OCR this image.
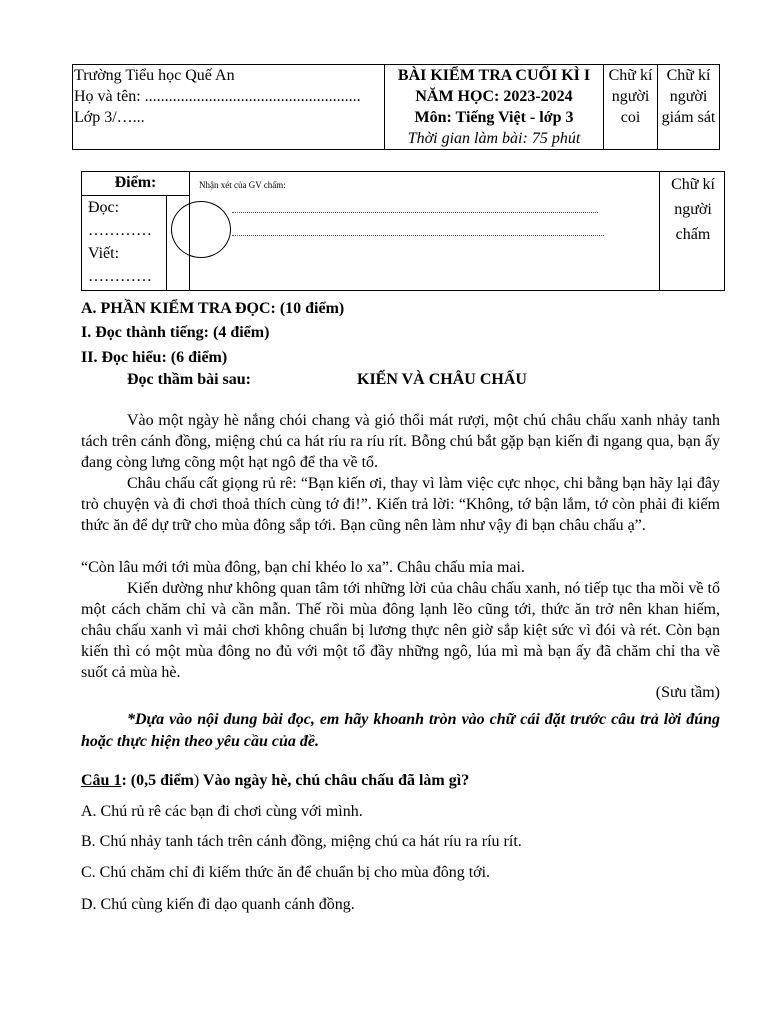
Trường Tiểu học Quế An
Họ và tên: ......................................................
Lớp 3/…...

BÀI KIỂM TRA CUỐI KÌ I
NĂM HỌC: 2023-2024
Môn: Tiếng Việt - lớp 3
Thời gian làm bài: 75 phút

Chữ kí
người
coi

Chữ kí
người
giám sát
Điểm:
Đọc:
…………
Viết:
…………
Nhận xét của GV chấm:	Chữ kí
người
chấm
A. PHẦN KIỂM TRA ĐỌC: (10 điểm)
I. Đọc thành tiếng: (4 điểm)
II. Đọc hiểu: (6 điểm)
Đọc thầm bài sau:	KIẾN VÀ CHÂU CHẤU
Vào một ngày hè nắng chói chang và gió thổi mát rượi, một chú châu chấu xanh nhảy tanh tách trên cánh đồng, miệng chú ca hát ríu ra ríu rít. Bỗng chú bắt gặp bạn kiến đi ngang qua, bạn ấy đang còng lưng cõng một hạt ngô để tha về tổ.
Châu chấu cất giọng rủ rê: “Bạn kiến ơi, thay vì làm việc cực nhọc, chi bằng bạn hãy lại đây trò chuyện và đi chơi thoả thích cùng tớ đi!”. Kiến trả lời: “Không, tớ bận lắm, tớ còn phải đi kiếm thức ăn để dự trữ cho mùa đông sắp tới. Bạn cũng nên làm như vậy đi bạn châu chấu ạ”.
“Còn lâu mới tới mùa đông, bạn chỉ khéo lo xa”. Châu chấu mỉa mai.
Kiến dường như không quan tâm tới những lời của châu chấu xanh, nó tiếp tục tha mồi về tổ một cách chăm chỉ và cần mẫn. Thế rồi mùa đông lạnh lẽo cũng tới, thức ăn trở nên khan hiếm, châu chấu xanh vì mải chơi không chuẩn bị lương thực nên giờ sắp kiệt sức vì đói và rét. Còn bạn kiến thì có một mùa đông no đủ với một tổ đầy những ngô, lúa mì mà bạn ấy đã chăm chỉ tha về suốt cả mùa hè.
(Sưu tầm)
*Dựa vào nội dung bài đọc, em hãy khoanh tròn vào chữ cái đặt trước câu trả lời đúng hoặc thực hiện theo yêu cầu của đề.
Câu 1: (0,5 điểm) Vào ngày hè, chú châu chấu đã làm gì?
A. Chú rủ rê các bạn đi chơi cùng với mình.
B. Chú nhảy tanh tách trên cánh đồng, miệng chú ca hát ríu ra ríu rít.
C. Chú chăm chỉ đi kiếm thức ăn để chuẩn bị cho mùa đông tới.
D. Chú cùng kiến đi dạo quanh cánh đồng.
